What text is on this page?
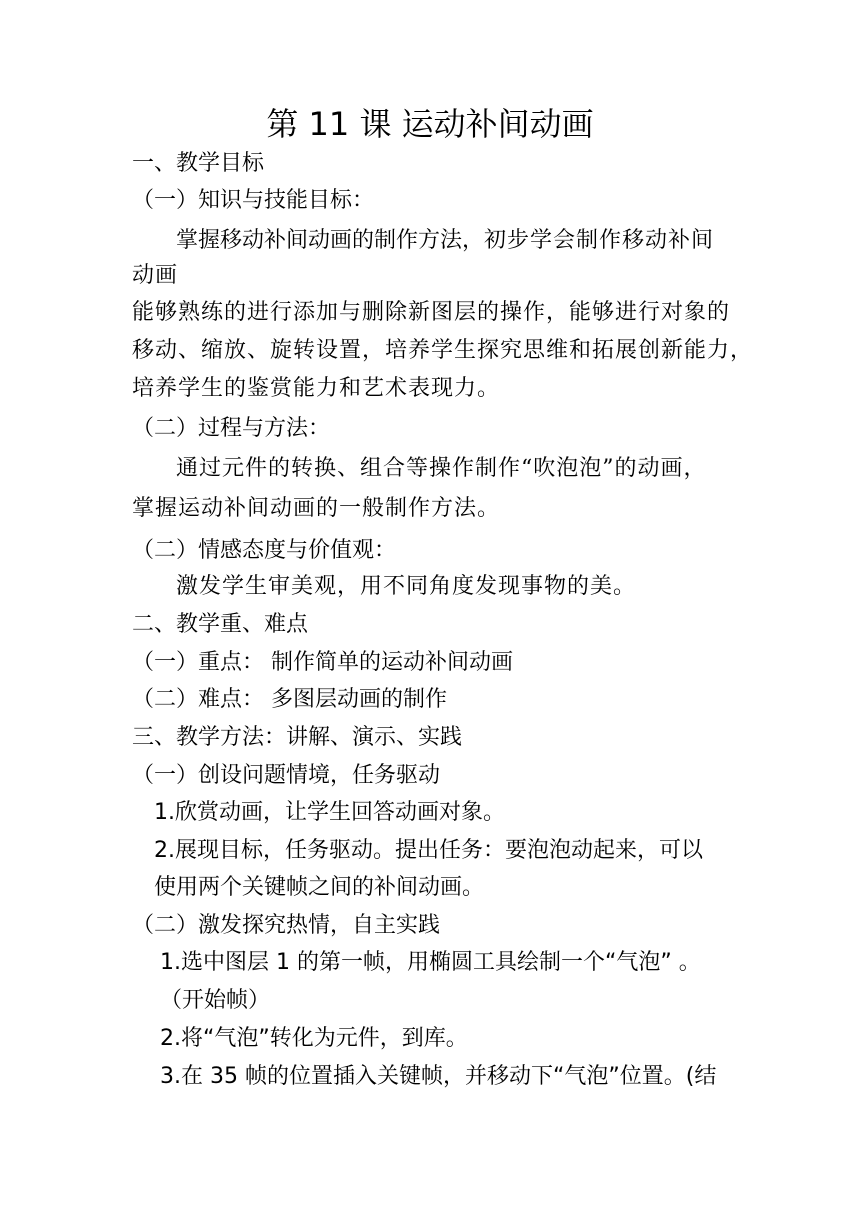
第 11 课 运动补间动画
一、教学目标
（一）知识与技能目标：
掌握移动补间动画的制作方法，初步学会制作移动补间
动画
能够熟练的进行添加与删除新图层的操作，能够进行对象的
移动、缩放、旋转设置，培养学生探究思维和拓展创新能力，
培养学生的鉴赏能力和艺术表现力。
（二）过程与方法：
通过元件的转换、组合等操作制作“吹泡泡”的动画，
掌握运动补间动画的一般制作方法。
（二）情感态度与价值观：
激发学生审美观，用不同角度发现事物的美。
二、教学重、难点
（一）重点： 制作简单的运动补间动画
（二）难点： 多图层动画的制作
三、教学方法：讲解、演示、实践
（一）创设问题情境，任务驱动
1.欣赏动画，让学生回答动画对象。
2.展现目标，任务驱动。提出任务：要泡泡动起来，可以
使用两个关键帧之间的补间动画。
（二）激发探究热情，自主实践
1.选中图层 1 的第一帧，用椭圆工具绘制一个“气泡” 。
（开始帧）
2.将“气泡”转化为元件，到库。
3.在 35 帧的位置插入关键帧，并移动下“气泡”位置。(结
